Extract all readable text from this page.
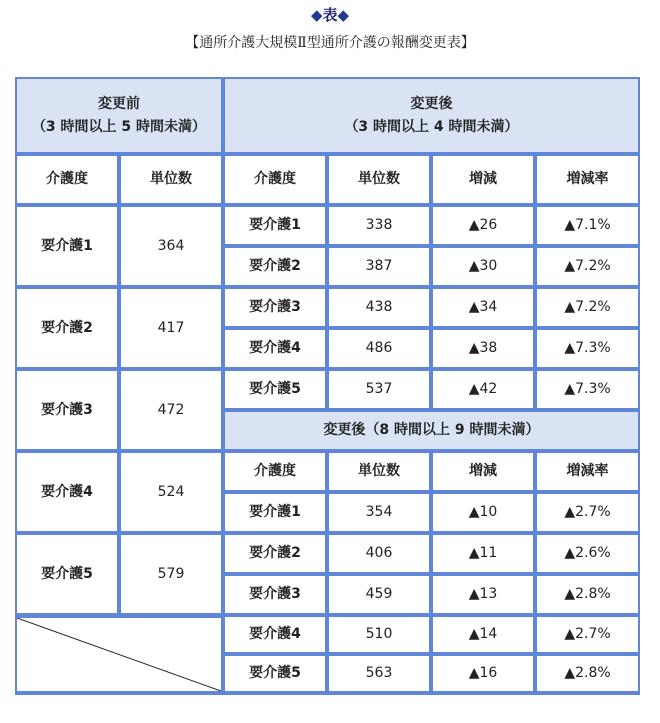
◆表◆
【通所介護大規模Ⅱ型通所介護の報酬変更表】
変更前
（3 時間以上 5 時間未満）
介護度	単位数
要介護1	364
要介護2	417
要介護3	472
要介護4	524
要介護5	579
変更後
（3 時間以上 4 時間未満）
介護度	単位数	増減	増減率
要介護1	338	▲26	▲7.1%
要介護2	387	▲30	▲7.2%
要介護3	438	▲34	▲7.2%
要介護4	486	▲38	▲7.3%
要介護5	537	▲42	▲7.3%
変更後（8 時間以上 9 時間未満）
介護度	単位数	増減	増減率
要介護1	354	▲10	▲2.7%
要介護2	406	▲11	▲2.6%
要介護3	459	▲13	▲2.8%
要介護4	510	▲14	▲2.7%
要介護5	563	▲16	▲2.8%
